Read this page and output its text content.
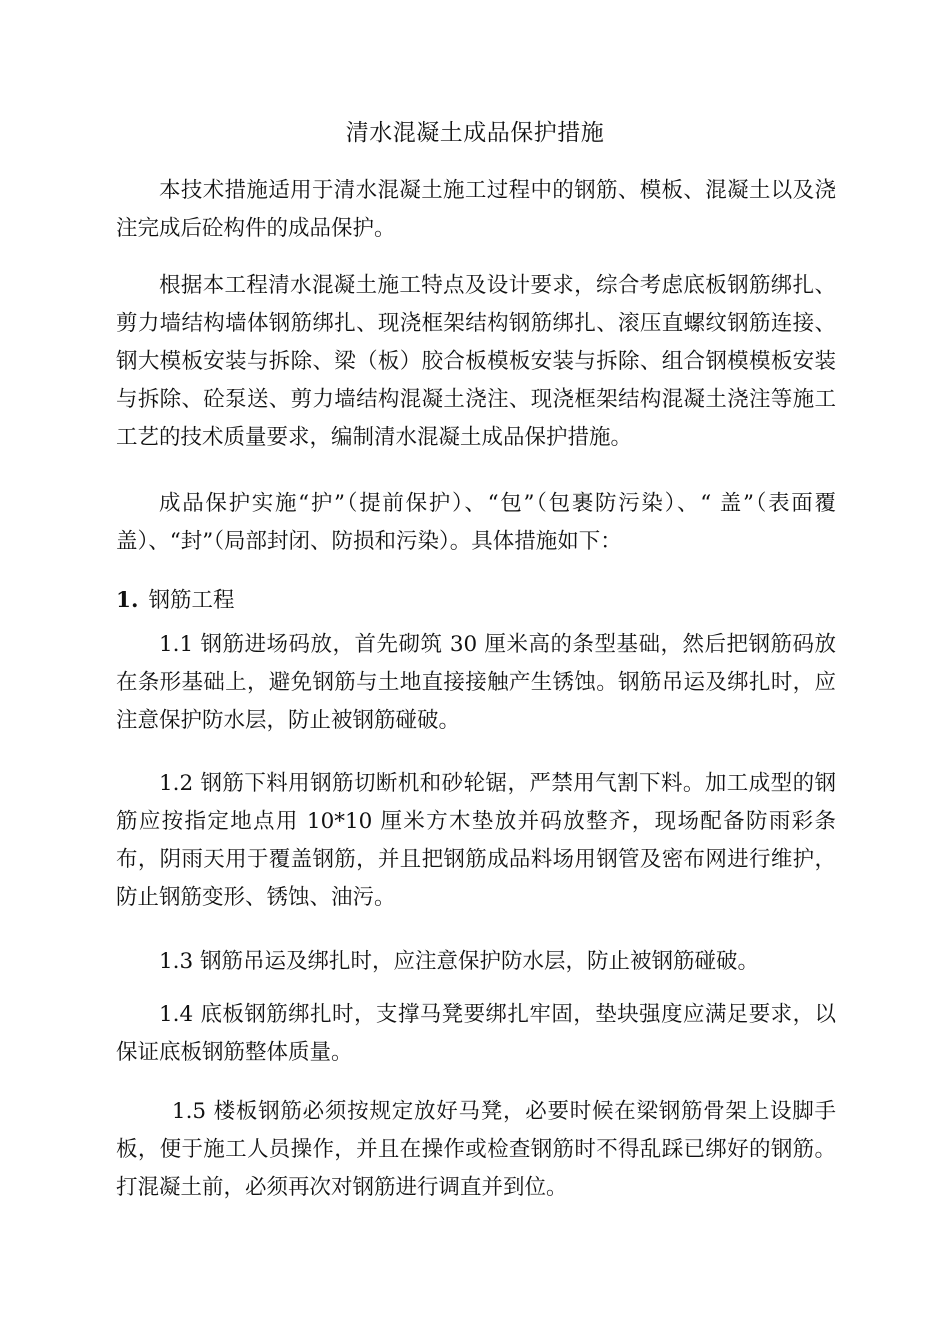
清水混凝土成品保护措施

本技术措施适用于清水混凝土施工过程中的钢筋、模板、混凝土以及浇注完成后砼构件的成品保护。

根据本工程清水混凝土施工特点及设计要求，综合考虑底板钢筋绑扎、剪力墙结构墙体钢筋绑扎、现浇框架结构钢筋绑扎、滚压直螺纹钢筋连接、钢大模板安装与拆除、梁（板）胶合板模板安装与拆除、组合钢模模板安装与拆除、砼泵送、剪力墙结构混凝土浇注、现浇框架结构混凝土浇注等施工工艺的技术质量要求，编制清水混凝土成品保护措施。

成品保护实施“护”（提前保护）、“包”（包裹防污染）、“ 盖”（表面覆盖）、“封”（局部封闭、防损和污染）。具体措施如下：

1. 钢筋工程

1.1 钢筋进场码放，首先砌筑 30 厘米高的条型基础，然后把钢筋码放在条形基础上，避免钢筋与土地直接接触产生锈蚀。钢筋吊运及绑扎时，应注意保护防水层，防止被钢筋碰破。

1.2 钢筋下料用钢筋切断机和砂轮锯，严禁用气割下料。加工成型的钢筋应按指定地点用 10*10 厘米方木垫放并码放整齐，现场配备防雨彩条布，阴雨天用于覆盖钢筋，并且把钢筋成品料场用钢管及密布网进行维护，防止钢筋变形、锈蚀、油污。

1.3 钢筋吊运及绑扎时，应注意保护防水层，防止被钢筋碰破。

1.4 底板钢筋绑扎时，支撑马凳要绑扎牢固，垫块强度应满足要求，以保证底板钢筋整体质量。

1.5 楼板钢筋必须按规定放好马凳，必要时候在梁钢筋骨架上设脚手板，便于施工人员操作，并且在操作或检查钢筋时不得乱踩已绑好的钢筋。打混凝土前，必须再次对钢筋进行调直并到位。
